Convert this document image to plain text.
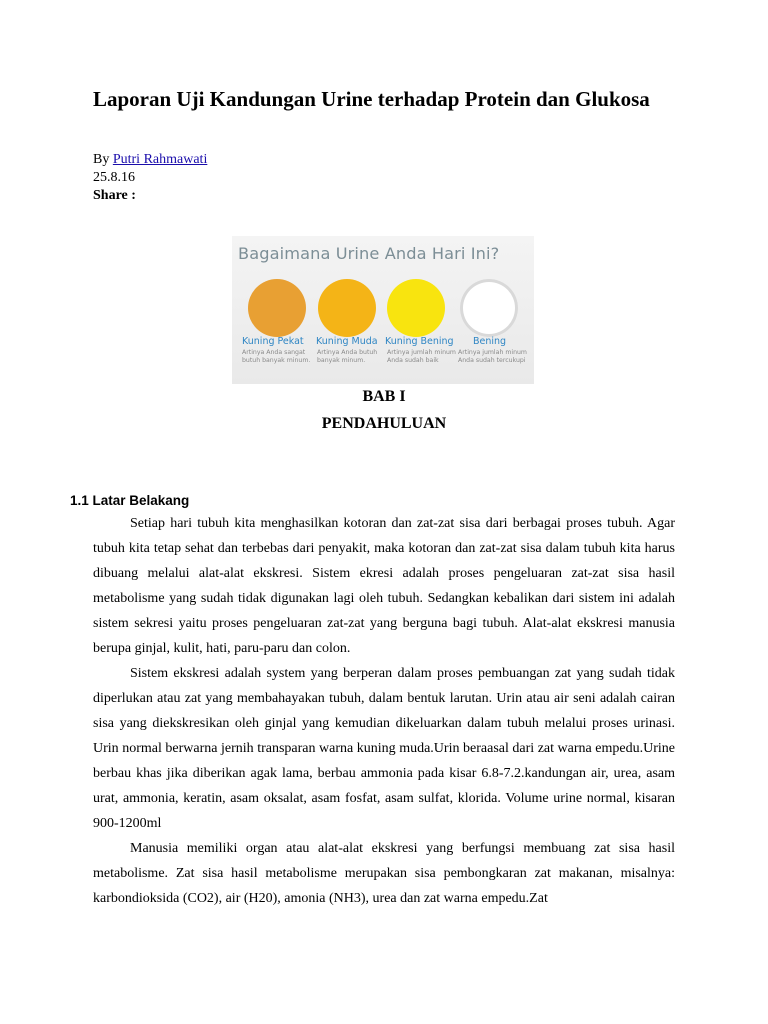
Laporan Uji Kandungan Urine terhadap Protein dan Glukosa
By Putri Rahmawati
25.8.16
Share :
Bagaimana Urine Anda Hari Ini?
Kuning Pekat	Kuning Muda Kuning Bening	Bening
Artinya Anda sangat butuh banyak minum.
Artinya Anda butuh banyak minum.
Artinya jumlah minum Anda sudah baik
Artinya jumlah minum Anda sudah tercukupi
BAB I
PENDAHULUAN
1.1 Latar Belakang

Setiap hari tubuh kita menghasilkan kotoran dan zat-zat sisa dari berbagai proses tubuh. Agar tubuh kita tetap sehat dan terbebas dari penyakit, maka kotoran dan zat-zat sisa dalam tubuh kita harus dibuang melalui alat-alat ekskresi. Sistem ekresi adalah proses pengeluaran zat-zat sisa hasil metabolisme yang sudah tidak digunakan lagi oleh tubuh. Sedangkan kebalikan dari sistem ini adalah sistem sekresi yaitu proses pengeluaran zat-zat yang berguna bagi tubuh. Alat-alat ekskresi manusia berupa ginjal, kulit, hati, paru-paru dan colon.

Sistem ekskresi adalah system yang berperan dalam proses pembuangan zat yang sudah tidak diperlukan atau zat yang membahayakan tubuh, dalam bentuk larutan. Urin atau air seni adalah cairan sisa yang diekskresikan oleh ginjal yang kemudian dikeluarkan dalam tubuh melalui proses urinasi. Urin normal berwarna jernih transparan warna kuning muda.Urin beraasal dari zat warna empedu.Urine berbau khas jika diberikan agak lama, berbau ammonia pada kisar 6.8-7.2.kandungan air, urea, asam urat, ammonia, keratin, asam oksalat, asam fosfat, asam sulfat, klorida. Volume urine normal, kisaran 900-1200ml

Manusia memiliki organ atau alat-alat ekskresi yang berfungsi membuang zat sisa hasil metabolisme. Zat sisa hasil metabolisme merupakan sisa pembongkaran zat makanan, misalnya: karbondioksida (CO2), air (H20), amonia (NH3), urea dan zat warna empedu.Zat
